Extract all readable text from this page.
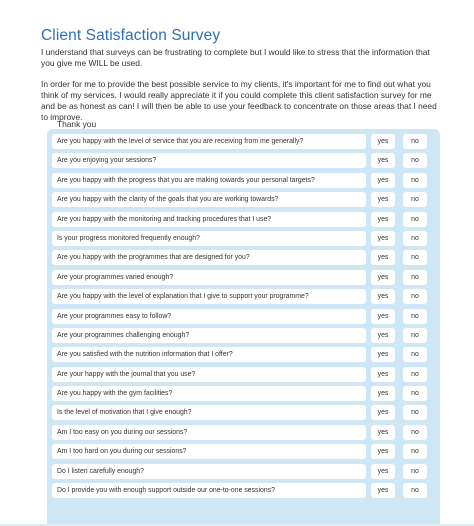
Client Satisfaction Survey

I understand that surveys can be frustrating to complete but I would like to stress that the information that you give me WILL be used.

In order for me to provide the best possible service to my clients, it's important for me to find out what you think of my services. I would really appreciate it if you could complete this client satisfaction survey for me and be as honest as can! I will then be able to use your feedback to concentrate on those areas that I need to improve.

Thank you
Are you happy with the level of service that you are receiving from me generally?	yes	no
Are you enjoying your sessions?	yes	no
Are you happy with the progress that you are making towards your personal targets?	yes	no
Are you happy with the clarity of the goals that you are working towards?	yes	no
Are you happy with the monitoring and tracking procedures that I use?	yes	no
Is your progress monitored frequently enough?	yes	no
Are you happy with the programmes that are designed for you?	yes	no
Are your programmes varied enough?	yes	no
Are you happy with the level of explanation that I give to support your programme?	yes	no
Are your programmes easy to follow?	yes	no
Are your programmes challenging enough?	yes	no
Are you satisfied with the nutrition information that I offer?	yes	no
Are your happy with the journal that you use?	yes	no
Are you happy with the gym facilities?	yes	no
Is the level of motivation that I give enough?	yes	no
Am I too easy on you during our sessions?	yes	no
Am I too hard on you during our sessions?	yes	no
Do I listen carefully enough?	yes	no
Do I provide you with enough support outside our one-to-one sessions?	yes	no
